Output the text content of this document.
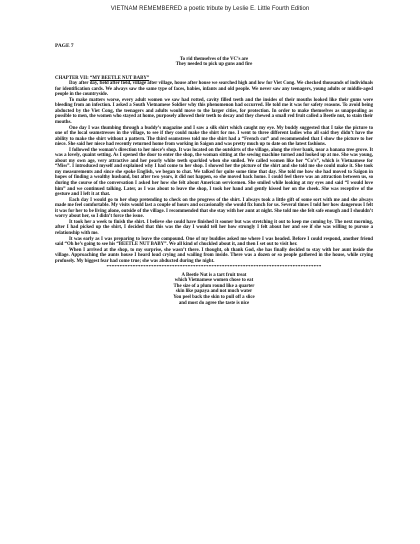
VIETNAM REMEMBERED a poetic tribute by Leslie E. Little Fourth Edition
PAGE 7
To rid themselves of the VC’s are
They needed to pick up guns and fire
CHAPTER VII: “MY BEETLE NUT BABY”

Day after day, field after field, village after village, house after house we searched high and low for Viet Cong. We checked thousands of individuals for identification cards. We always saw the same type of faces, babies, infants and old people. We never saw any teenagers, young adults or middle-aged people in the countryside.

To make matters worse, every adult women we saw had rotted, cavity filled teeth and the insides of their mouths looked like their gums were bleeding from an infection. I asked a South Vietnamese Soldier why this phenomenon had occurred. He told me it was for safety reasons. To avoid being abducted by the Viet Cong, the teenagers and adults would move to the larger cities, for protection. In order to make themselves as unappealing as possible to men, the women who stayed at home, purposely allowed their teeth to decay and they chewed a small red fruit called a Beetle nut, to stain their mouths.

One day I was thumbing through a buddy’s magazine and I saw a silk shirt which caught my eye. My buddy suggested that I take the picture to one of the local seamstresses in the village, to see if they could make the shirt for me. I went to three different ladies who all said they didn’t have the ability to make the shirt without a pattern. The third seamstress told me the shirt had a “French cut” and recommended that I show the picture to her niece. She said her niece had recently returned home from working in Saigon and was pretty much up to date on the latest fashions.

I followed the woman’s direction to her niece’s shop. It was located on the outskirts of the village, along the river bank, near a banana tree grove. It was a lovely, quaint setting. As I opened the door to enter the shop, the woman sitting at the sewing machine turned and looked up at me. She was young, about my own age, very attractive and her pearly white teeth sparkled when she smiled. We called women like her “Co’s”, which is Vietnamese for “Miss”. I introduced myself and explained why I had come to her shop. I showed her the picture of the shirt and she told me she could make it. She took my measurements and since she spoke English, we began to chat. We talked for quite some time that day. She told me how she had moved to Saigon in hopes of finding a wealthy husband, but after two years, it did not happen, so she moved back home. I could feel there was an attraction between us, so during the course of the conversation I asked her how she felt about American servicemen. She smiled while looking at my eyes and said “I would love him” and we continued talking. Later, as I was about to leave the shop, I took her hand and gently kissed her on the cheek. She was receptive of the gesture and I left it at that.

Each day I would go to her shop pretending to check on the progress of the shirt. I always took a little gift of some sort with me and she always made me feel comfortable. My visits would last a couple of hours and occasionally she would fix lunch for us. Several times I told her how dangerous I felt it was for her to be living alone, outside of the village. I recommended that she stay with her aunt at night. She told me she felt safe enough and I shouldn’t worry about her, so I didn’t force the issue.

It took her a week to finish the shirt. I believe she could have finished it sooner but was stretching it out to keep me coming by. The next morning, after I had picked up the shirt, I decided that this was the day I would tell her how strongly I felt about her and see if she was willing to pursue a relationship with me.

It was early as I was preparing to leave the compound. One of my buddies asked me where I was headed. Before I could respond, another friend said “Oh he’s going to see his “BEETLE NUT BABY”. We all kind of chuckled about it, and then I set out to visit her.

When I arrived at the shop, to my surprise, she wasn’t there. I thought, oh thank God, she has finally decided to stay with her aunt inside the village. Approaching the aunts house I heard loud crying and wailing from inside. There was a dozen or so people gathered in the house, while crying profusely. My biggest fear had come true; she was abducted during the night.

**********************************************************************************
A Beetle Nut is a tart fruit treat
which Vietnamese women chose to eat
The size of a plum round like a quarter
skin like papaya and not much water
You peel back the skin to pull off a slice
and most do agree the taste is nice
